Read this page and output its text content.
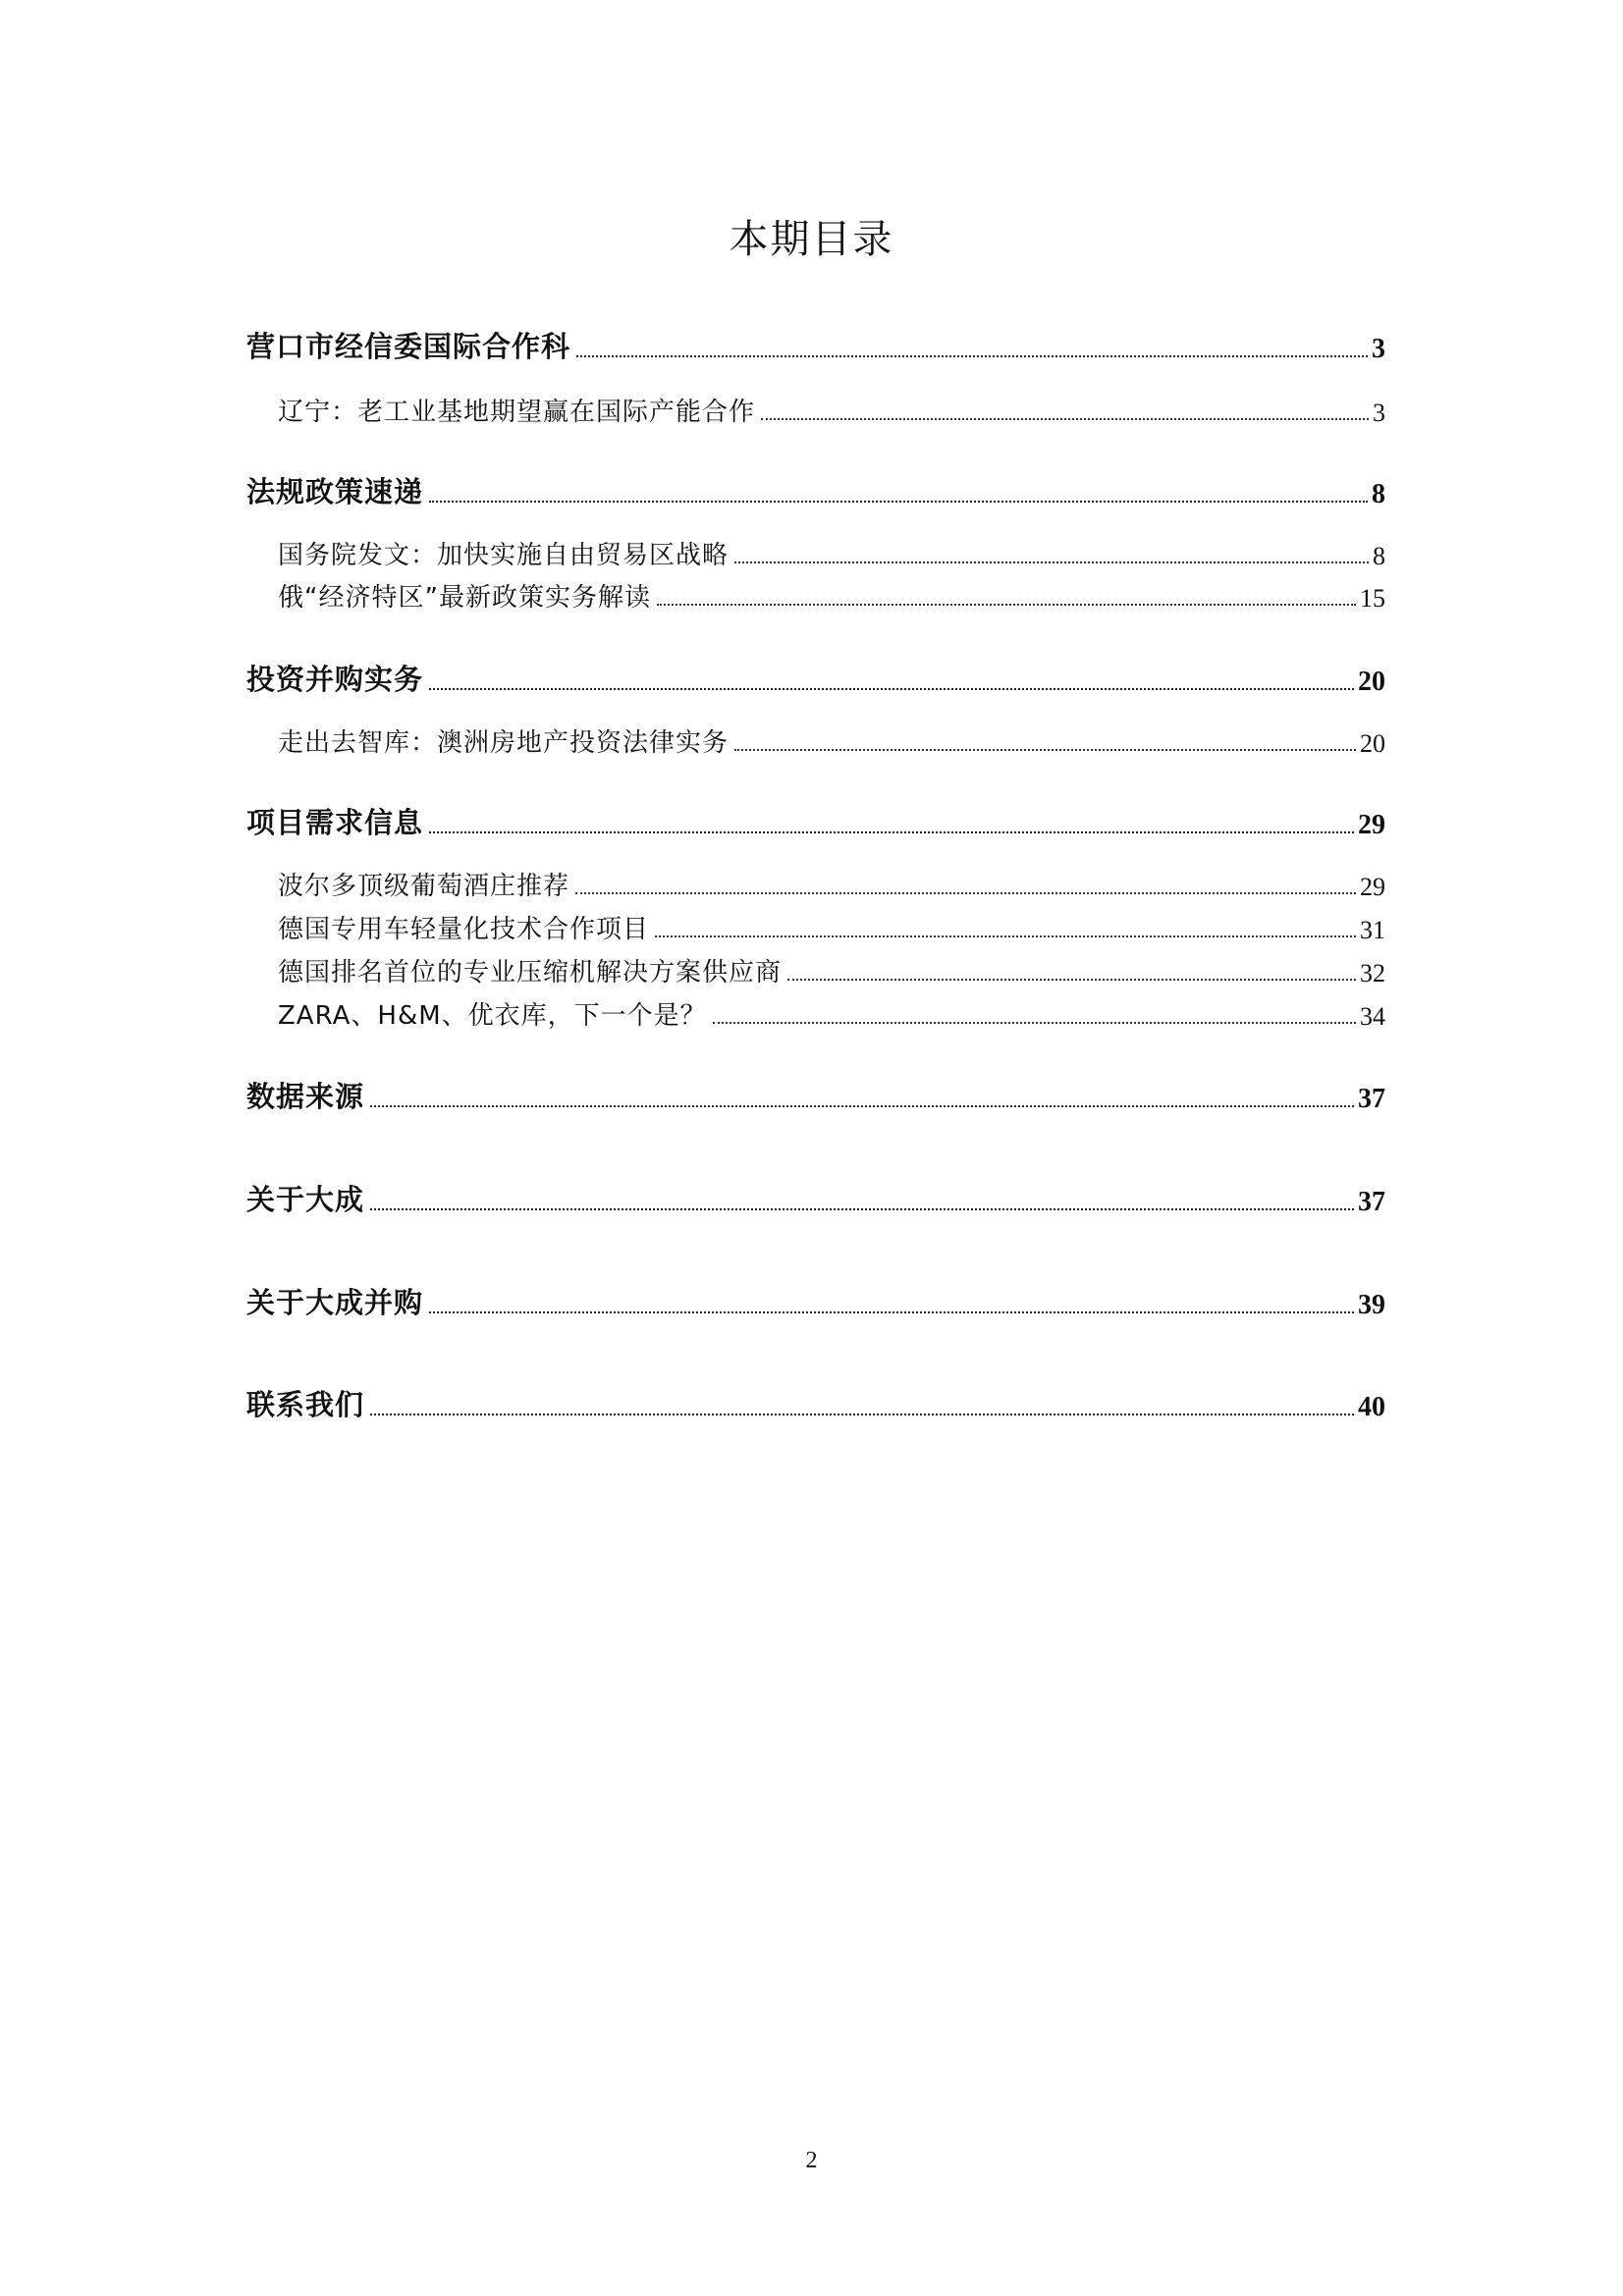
本期目录
营口市经信委国际合作科	3
辽宁：老工业基地期望赢在国际产能合作	3
法规政策速递	8
国务院发文：加快实施自由贸易区战略	8
俄“经济特区”最新政策实务解读	15
投资并购实务	20
走出去智库：澳洲房地产投资法律实务	20
项目需求信息	29
波尔多顶级葡萄酒庄推荐	29
德国专用车轻量化技术合作项目	31
德国排名首位的专业压缩机解决方案供应商	32
ZARA、H&M、优衣库，下一个是？	34
数据来源	37
关于大成	37
关于大成并购	39
联系我们	40
2
